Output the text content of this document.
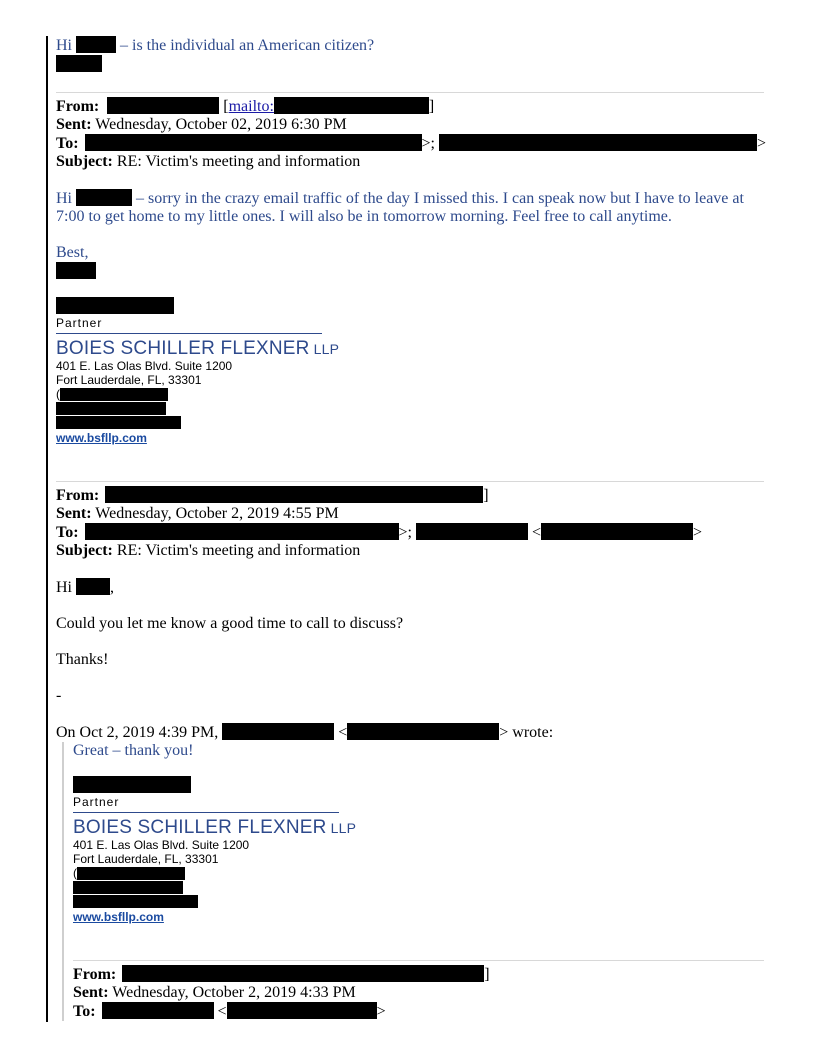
Hi	– is the individual an American citizen?
From:	[mailto:	]
Sent: Wednesday, October 02, 2019 6:30 PM
To:	>;	>
Subject: RE: Victim's meeting and information
Hi	– sorry in the crazy email traffic of the day I missed this. I can speak now but I have to leave at
7:00 to get home to my little ones. I will also be in tomorrow morning. Feel free to call anytime.
Best,
Partner
BOIES SCHILLER FLEXNER LLP
401 E. Las Olas Blvd. Suite 1200
Fort Lauderdale, FL, 33301
(
www.bsfllp.com
From:	]
Sent: Wednesday, October 2, 2019 4:55 PM
To:	>;	<	>
Subject: RE: Victim's meeting and information
Hi ,
Could you let me know a good time to call to discuss?
Thanks!
-
On Oct 2, 2019 4:39 PM,	<	> wrote:
Great – thank you!
Partner
BOIES SCHILLER FLEXNER LLP
401 E. Las Olas Blvd. Suite 1200
Fort Lauderdale, FL, 33301
(
www.bsfllp.com
From:	]
Sent: Wednesday, October 2, 2019 4:33 PM
To:	<	>
